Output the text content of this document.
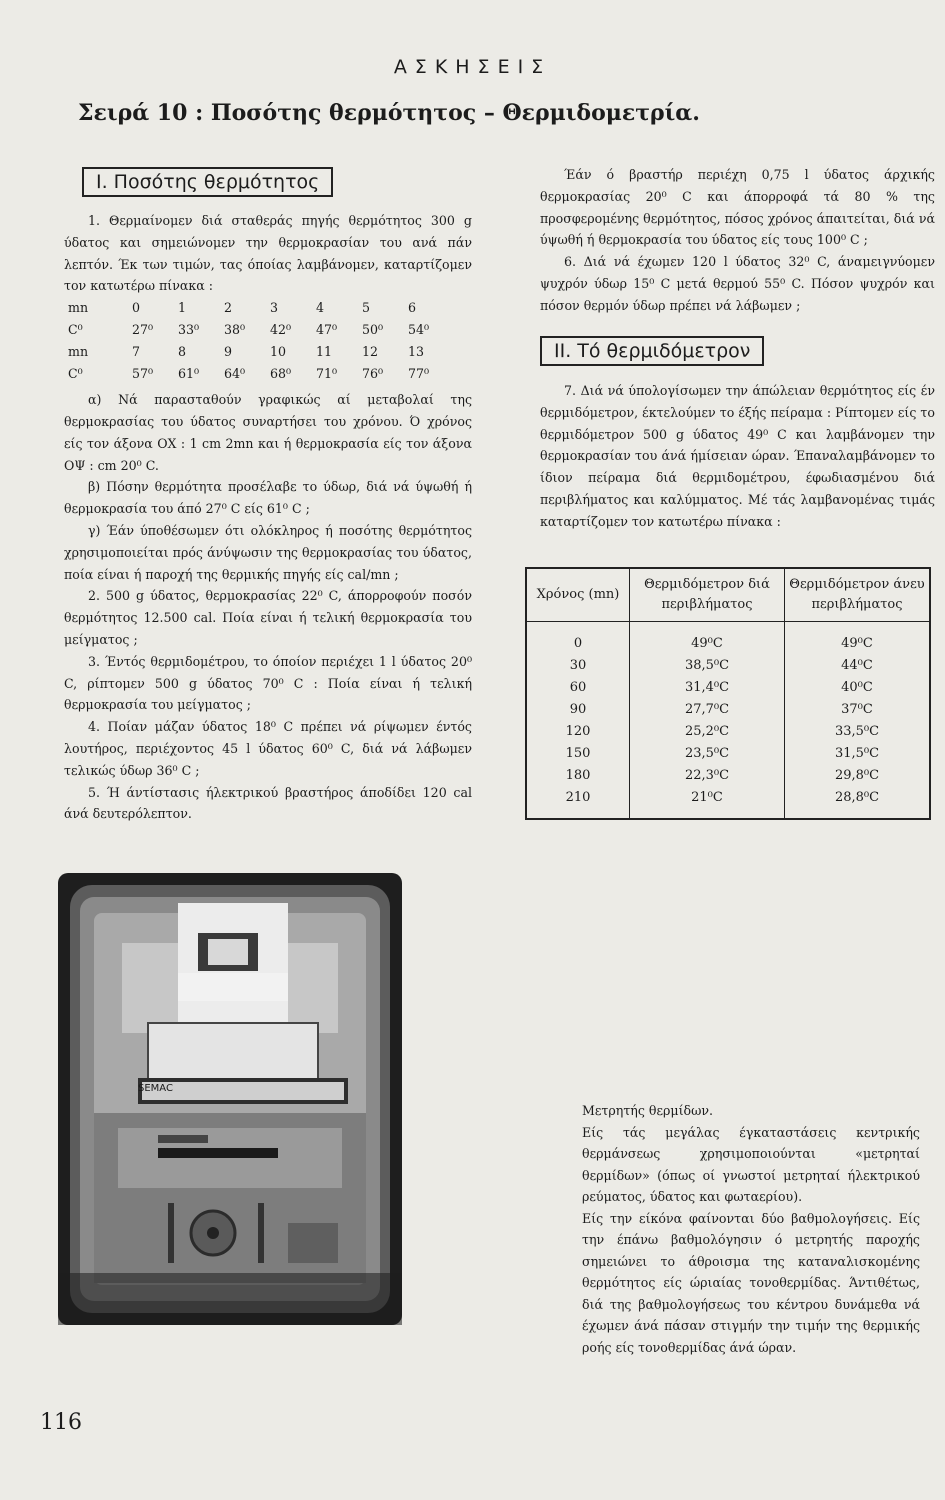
ΑΣΚΗΣΕΙΣ
Σειρά 10 : Ποσότης θερμότητος – Θερμιδομετρία.
Ι. Ποσότης θερμότητος

1. Θερμαίνομεν διά σταθεράς πηγής θερμότητος 300 g ύδατος και σημειώνομεν την θερμοκρασίαν του ανά πάν λεπτόν. Έκ των τιμών, τας όποίας λαμβάνομεν, καταρτίζομεν τον κατωτέρω πίνακα :

mn	0	1	2	3	4	5	6
C⁰	27⁰	33⁰	38⁰	42⁰	47⁰	50⁰	54⁰
mn	7	8	9	10	11	12	13
C⁰	57⁰	61⁰	64⁰	68⁰	71⁰	76⁰	77⁰

α) Νά παρασταθούν γραφικώς αί μεταβολαί της θερμοκρασίας του ύδατος συναρτήσει του χρόνου. Ό χρόνος είς τον άξονα ΟΧ : 1 cm 2mn και ή θερμοκρασία είς τον άξονα ΟΨ : cm 20⁰ C.

β) Πόσην θερμότητα προσέλαβε το ύδωρ, διά νά ύψωθή ή θερμοκρασία του άπό 27⁰ C είς 61⁰ C ;

γ) Έάν ύποθέσωμεν ότι ολόκληρος ή ποσότης θερμότητος χρησιμοποιείται πρός άνύψωσιν της θερμοκρασίας του ύδατος, ποία είναι ή παροχή της θερμικής πηγής είς cal/mn ;

2. 500 g ύδατος, θερμοκρασίας 22⁰ C, άπορροφούν ποσόν θερμότητος 12.500 cal. Ποία είναι ή τελική θερμοκρασία του μείγματος ;

3. Έντός θερμιδομέτρου, το όποίον περιέχει 1 l ύδατος 20⁰ C, ρίπτομεν 500 g ύδατος 70⁰ C : Ποία είναι ή τελική θερμοκρασία του μείγματος ;

4. Ποίαν μάζαν ύδατος 18⁰ C πρέπει νά ρίψωμεν έντός λουτήρος, περιέχοντος 45 l ύδατος 60⁰ C, διά νά λάβωμεν τελικώς ύδωρ 36⁰ C ;

5. Ή άντίστασις ήλεκτρικού βραστήρος άποδίδει 120 cal άνά δευτερόλεπτον.

Έάν ό βραστήρ περιέχη 0,75 l ύδατος άρχικής θερμοκρασίας 20⁰ C και άπορροφά τά 80 % της προσφερομένης θερμότητος, πόσος χρόνος άπαιτείται, διά νά ύψωθή ή θερμοκρασία του ύδατος είς τους 100⁰ C ;

6. Διά νά έχωμεν 120 l ύδατος 32⁰ C, άναμειγνύομεν ψυχρόν ύδωρ 15⁰ C μετά θερμού 55⁰ C. Πόσον ψυχρόν και πόσον θερμόν ύδωρ πρέπει νά λάβωμεν ;

ΙΙ. Τό θερμιδόμετρον

7. Διά νά ύπολογίσωμεν την άπώλειαν θερμότητος είς έν θερμιδόμετρον, έκτελούμεν το έξής πείραμα : Ρίπτομεν είς το θερμιδόμετρον 500 g ύδατος 49⁰ C και λαμβάνομεν την θερμοκρασίαν του άνά ήμίσειαν ώραν. Έπαναλαμβάνομεν το ίδιον πείραμα διά θερμιδομέτρου, έφωδιασμένου διά περιβλήματος και καλύμματος. Μέ τάς λαμβανομένας τιμάς καταρτίζομεν τον κατωτέρω πίνακα :

Χρόνος (mn)	Θερμιδόμετρον διά περιβλήματος	Θερμιδόμετρον άνευ περιβλήματος
0	49⁰C	49⁰C
30	38,5⁰C	44⁰C
60	31,4⁰C	40⁰C
90	27,7⁰C	37⁰C
120	25,2⁰C	33,5⁰C
150	23,5⁰C	31,5⁰C
180	22,3⁰C	29,8⁰C
210	21⁰C	28,8⁰C
SEMAC

Μετρητής θερμίδων.

Είς τάς μεγάλας έγκαταστάσεις κεντρικής θερμάνσεως χρησιμοποιούνται «μετρηταί θερμίδων» (όπως οί γνωστοί μετρηταί ήλεκτρικού ρεύματος, ύδατος και φωταερίου).

Είς την είκόνα φαίνονται δύο βαθμολογήσεις. Είς την έπάνω βαθμολόγησιν ό μετρητής παροχής σημειώνει το άθροισμα της καταναλισκομένης θερμότητος είς ώριαίας τονοθερμίδας. Άντιθέτως, διά της βαθμολογήσεως του κέντρου δυνάμεθα νά έχωμεν άνά πάσαν στιγμήν την τιμήν της θερμικής ροής είς τονοθερμίδας άνά ώραν.

116
